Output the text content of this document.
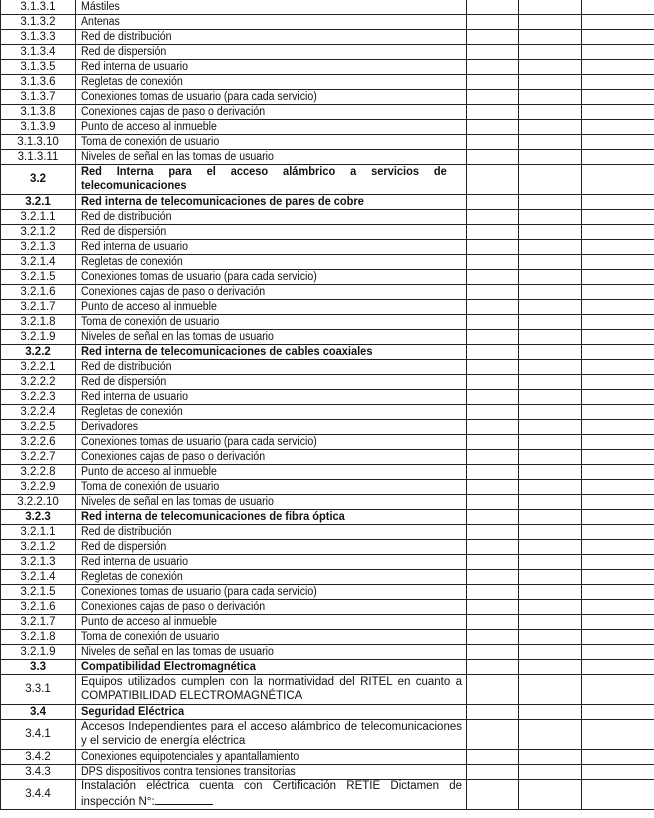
3.1.3.1	Mástiles			
3.1.3.2	Antenas			
3.1.3.3	Red de distribución			
3.1.3.4	Red de dispersión			
3.1.3.5	Red interna de usuario			
3.1.3.6	Regletas de conexión			
3.1.3.7	Conexiones tomas de usuario (para cada servicio)			
3.1.3.8	Conexiones cajas de paso o derivación			
3.1.3.9	Punto de acceso al inmueble			
3.1.3.10	Toma de conexión de usuario			
3.1.3.11	Niveles de señal en las tomas de usuario			
3.2	Red Interna para el acceso alámbrico a servicios de telecomunicaciones			

3.2.1	Red interna de telecomunicaciones de pares de cobre			
3.2.1.1	Red de distribución			
3.2.1.2	Red de dispersión			
3.2.1.3	Red interna de usuario			
3.2.1.4	Regletas de conexión			
3.2.1.5	Conexiones tomas de usuario (para cada servicio)			
3.2.1.6	Conexiones cajas de paso o derivación			
3.2.1.7	Punto de acceso al inmueble			
3.2.1.8	Toma de conexión de usuario			
3.2.1.9	Niveles de señal en las tomas de usuario			
3.2.2	Red interna de telecomunicaciones de cables coaxiales			
3.2.2.1	Red de distribución			
3.2.2.2	Red de dispersión			
3.2.2.3	Red interna de usuario			
3.2.2.4	Regletas de conexión			
3.2.2.5	Derivadores			
3.2.2.6	Conexiones tomas de usuario (para cada servicio)			
3.2.2.7	Conexiones cajas de paso o derivación			
3.2.2.8	Punto de acceso al inmueble			
3.2.2.9	Toma de conexión de usuario			
3.2.2.10	Niveles de señal en las tomas de usuario			
3.2.3	Red interna de telecomunicaciones de fibra óptica			
3.2.1.1	Red de distribución			
3.2.1.2	Red de dispersión			
3.2.1.3	Red interna de usuario			
3.2.1.4	Regletas de conexión			
3.2.1.5	Conexiones tomas de usuario (para cada servicio)			
3.2.1.6	Conexiones cajas de paso o derivación			
3.2.1.7	Punto de acceso al inmueble			
3.2.1.8	Toma de conexión de usuario			
3.2.1.9	Niveles de señal en las tomas de usuario			
3.3	Compatibilidad Electromagnética			
3.3.1	Equipos utilizados cumplen con la normatividad del RITEL en cuanto a COMPATIBILIDAD ELECTROMAGNÉTICA			

3.4	Seguridad Eléctrica			
3.4.1	Accesos Independientes para el acceso alámbrico de telecomunicaciones y el servicio de energía eléctrica			

3.4.2	Conexiones equipotenciales y apantallamiento			
3.4.3	DPS dispositivos contra tensiones transitorias			
3.4.4	Instalación eléctrica cuenta con Certificación RETIE Dictamen de inspección N°:			
